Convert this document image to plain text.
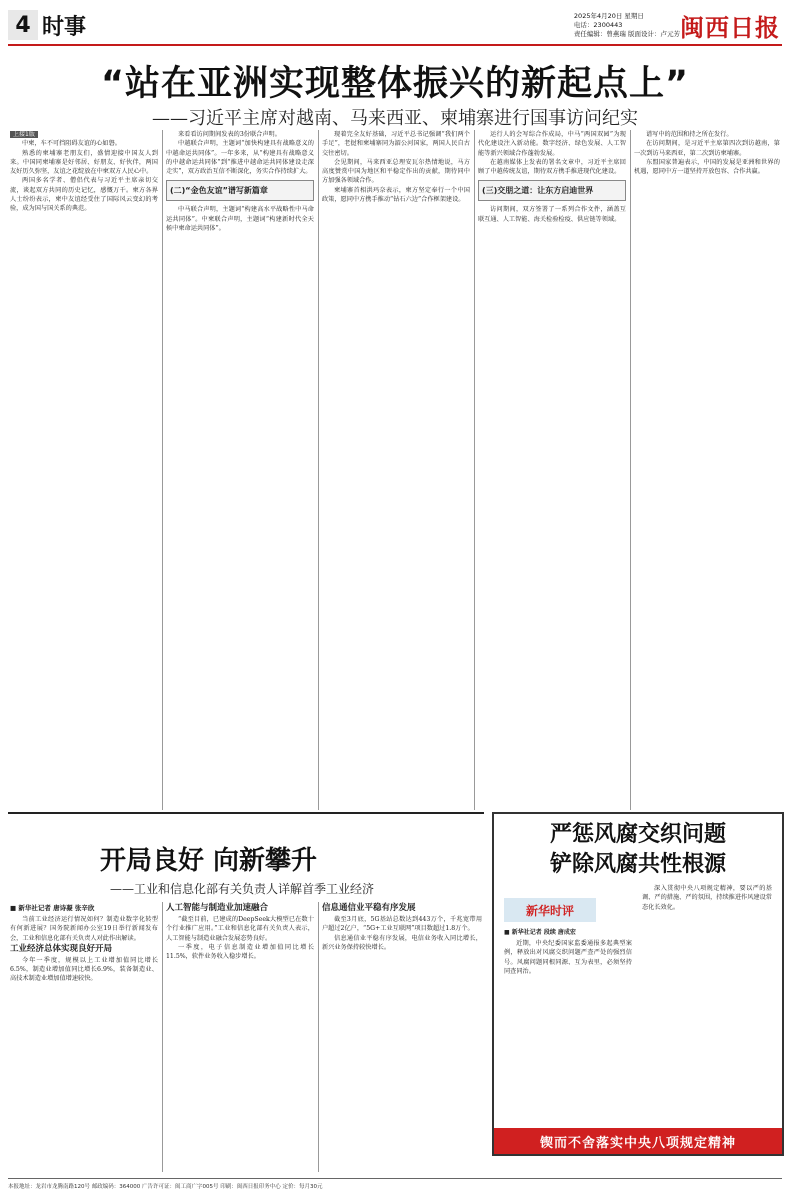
4 时事	2025年4月20日 星期日
电话：2300443
责任编辑：曾燕瑞 版面设计：卢元芳 闽西日报
“站在亚洲实现整体振兴的新起点上”
——习近平主席对越南、马来西亚、柬埔寨进行国事访问纪实
上接1版

中柬，车不可挡阻碍友谊的心如磐。

熟悉的柬埔寨老朋友们，盛情迎接中国友人到来。中国同柬埔寨是好邻居、好朋友、好伙伴，两国友好历久弥坚，友谊之花绽放在中柬双方人民心中。

两国多名学者、僧侣代表与习近平主席亲切交流，谈起双方共同的历史记忆，感慨万千。柬方各界人士纷纷表示，柬中友谊经受住了国际风云变幻的考验，成为国与国关系的典范。

来看看访问期间发表的3份联合声明。

中越联合声明，主题词“加快构建具有战略意义的中越命运共同体”。一年多来，从“构建具有战略意义的中越命运共同体”到“推进中越命运共同体建设走深走实”，双方政治互信不断深化，务实合作持续扩大。

(二)“金色友谊”谱写新篇章

中马联合声明，主题词“构建高水平战略性中马命运共同体”。中柬联合声明，主题词“构建新时代全天候中柬命运共同体”。

现着完全友好基础，习近平总书记强调“我们两个手足”，老挝和柬埔寨同为湄公河国家，两国人民自古交往密切。

会见期间，马来西亚总理安瓦尔热情地说，马方高度赞赏中国为地区和平稳定作出的贡献，期待同中方加强各领域合作。

柬埔寨首相洪玛奈表示，柬方坚定奉行一个中国政策，愿同中方携手推动“钻石六边”合作框架建设。

运行人的会写综合作成局，中马“两国双园”为现代化建设注入新动能。数字经济、绿色发展、人工智能等新兴领域合作蓬勃发展。

在越南媒体上发表的署名文章中，习近平主席回顾了中越传统友谊，期待双方携手推进现代化建设。

(三)交朋之道：让东方启迪世界

访问期间，双方签署了一系列合作文件，涵盖互联互通、人工智能、海关检验检疫、供应链等领域。

谱写中的范围和持之所在发行。

在访问期间，是习近平主席第四次到访越南，第一次到访马来西亚，第二次到访柬埔寨。

东盟国家普遍表示，中国的发展是亚洲和世界的机遇，愿同中方一道坚持开放包容、合作共赢。

开局良好 向新攀升
——工业和信息化部有关负责人详解首季工业经济

■ 新华社记者 唐诗凝 张辛欣

当前工业经济运行情况如何？制造业数字化转型有何新进展？国务院新闻办公室19日举行新闻发布会，工业和信息化部有关负责人对此作出解读。

工业经济总体实现良好开局

今年一季度，规模以上工业增加值同比增长6.5%，制造业增加值同比增长6.9%，装备制造业、高技术制造业增加值增速较快。

人工智能与制造业加速融合

“截至目前，已建成的DeepSeek大模型已在数十个行业推广应用。”工业和信息化部有关负责人表示，人工智能与制造业融合发展态势良好。

一季度，电子信息制造业增加值同比增长11.5%，软件业务收入稳步增长。

信息通信业平稳有序发展

截至3月底，5G基站总数达到443万个，千兆宽带用户超过2亿户，“5G+工业互联网”项目数超过1.8万个。

信息通信业平稳有序发展，电信业务收入同比增长，新兴业务保持较快增长。

严惩风腐交织问题
铲除风腐共性根源
新华时评

■ 新华社记者 段续 唐成宏

近期，中央纪委国家监委通报多起典型案例，释放出对风腐交织问题严查严处的强烈信号。风腐问题同根同源、互为表里，必须坚持同查同治。

深入贯彻中央八项规定精神，要以严的基调、严的措施、严的氛围，持续推进作风建设常态化长效化。

锲而不舍落实中央八项规定精神
本报地址：龙岩市龙腾南路120号 邮政编码：364000 广告许可证：闽工商广字005号 印刷：闽西日报印务中心 定价：每月30元
